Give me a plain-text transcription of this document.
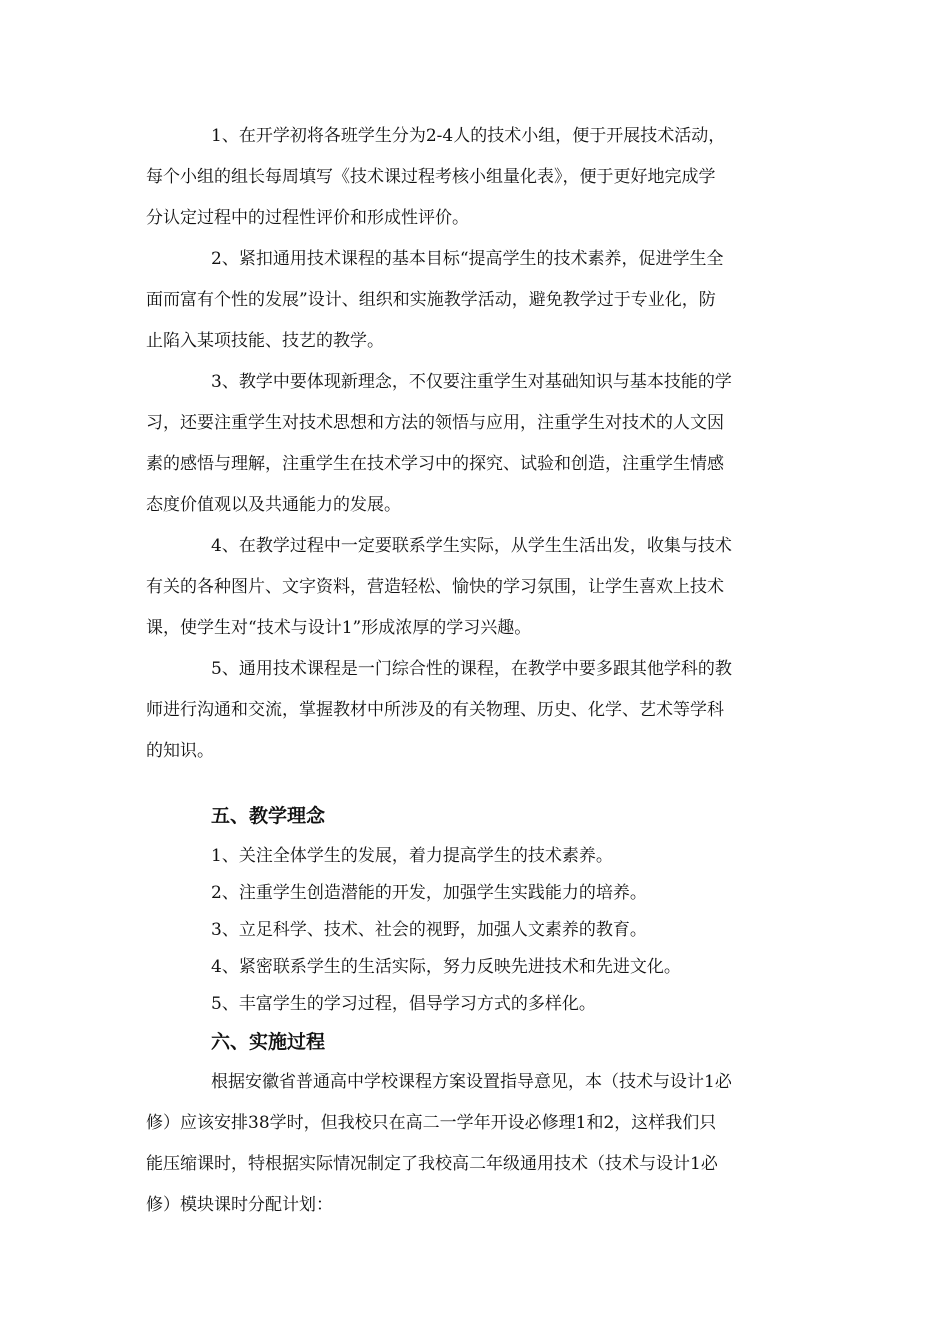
1、在开学初将各班学生分为2-4人的技术小组，便于开展技术活动，
每个小组的组长每周填写《技术课过程考核小组量化表》，便于更好地完成学
分认定过程中的过程性评价和形成性评价。
2、紧扣通用技术课程的基本目标“提高学生的技术素养，促进学生全
面而富有个性的发展”设计、组织和实施教学活动，避免教学过于专业化，防
止陷入某项技能、技艺的教学。
3、教学中要体现新理念，不仅要注重学生对基础知识与基本技能的学
习，还要注重学生对技术思想和方法的领悟与应用，注重学生对技术的人文因
素的感悟与理解，注重学生在技术学习中的探究、试验和创造，注重学生情感
态度价值观以及共通能力的发展。
4、在教学过程中一定要联系学生实际，从学生生活出发，收集与技术
有关的各种图片、文字资料，营造轻松、愉快的学习氛围，让学生喜欢上技术
课，使学生对“技术与设计1”形成浓厚的学习兴趣。
5、通用技术课程是一门综合性的课程，在教学中要多跟其他学科的教
师进行沟通和交流，掌握教材中所涉及的有关物理、历史、化学、艺术等学科
的知识。
五、教学理念
1、关注全体学生的发展，着力提高学生的技术素养。
2、注重学生创造潜能的开发，加强学生实践能力的培养。
3、立足科学、技术、社会的视野，加强人文素养的教育。
4、紧密联系学生的生活实际，努力反映先进技术和先进文化。
5、丰富学生的学习过程，倡导学习方式的多样化。
六、实施过程
根据安徽省普通高中学校课程方案设置指导意见，本（技术与设计1必
修）应该安排38学时，但我校只在高二一学年开设必修理1和2，这样我们只
能压缩课时，特根据实际情况制定了我校高二年级通用技术（技术与设计1必
修）模块课时分配计划：
